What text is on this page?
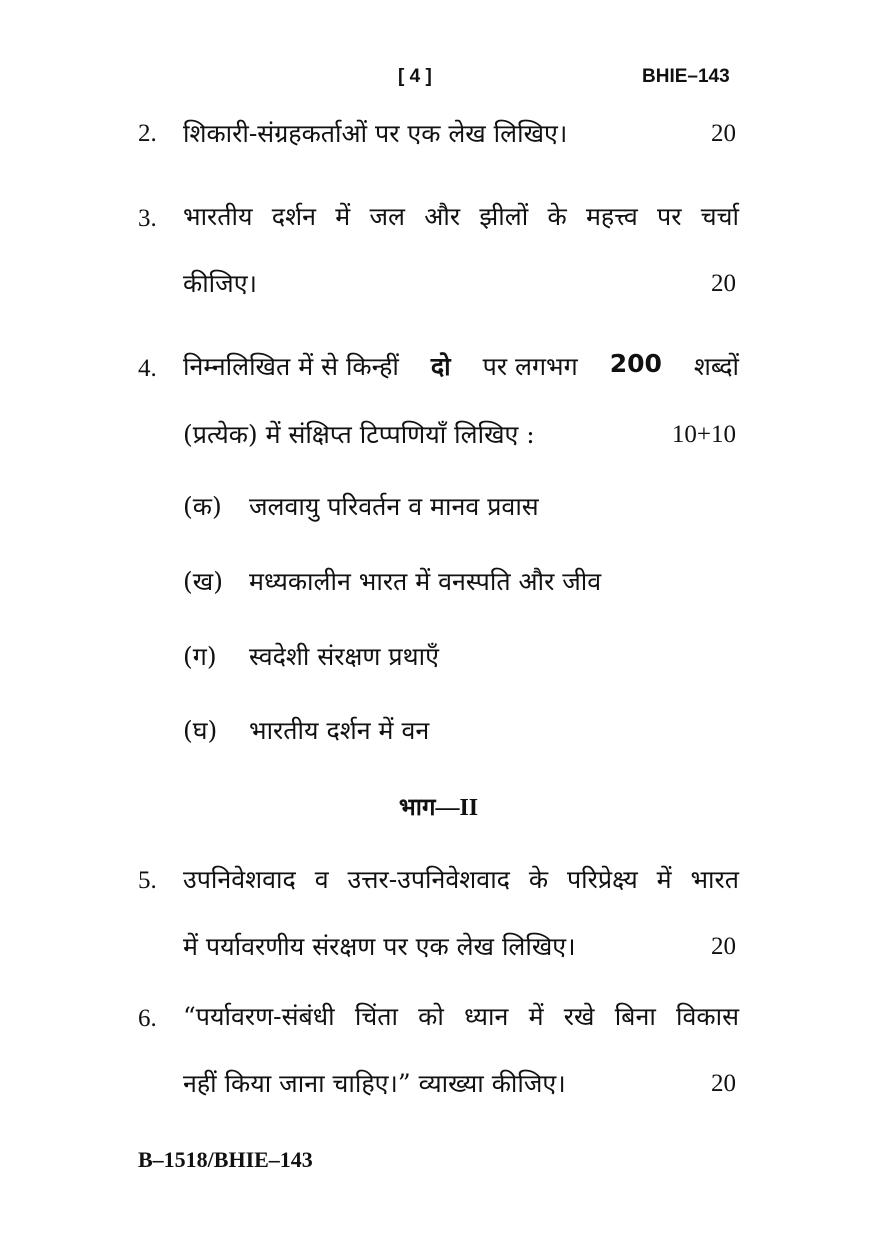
[ 4 ]	BHIE–143
2. शिकारी-संग्रहकर्ताओं पर एक लेख लिखिए।	20
3. भारतीय दर्शन में जल और झीलों के महत्त्व पर चर्चा
कीजिए।	20
4. निम्नलिखित में से किन्हीं दो पर लगभग 200 शब्दों
(प्रत्येक) में संक्षिप्त टिप्पणियाँ लिखिए :	10+10
(क) जलवायु परिवर्तन व मानव प्रवास
(ख) मध्यकालीन भारत में वनस्पति और जीव
(ग) स्वदेशी संरक्षण प्रथाएँ
(घ) भारतीय दर्शन में वन
भाग—II
5. उपनिवेशवाद व उत्तर-उपनिवेशवाद के परिप्रेक्ष्य में भारत
में पर्यावरणीय संरक्षण पर एक लेख लिखिए।	20
6. “पर्यावरण-संबंधी चिंता को ध्यान में रखे बिना विकास
नहीं किया जाना चाहिए।” व्याख्या कीजिए।	20
B–1518/BHIE–143
